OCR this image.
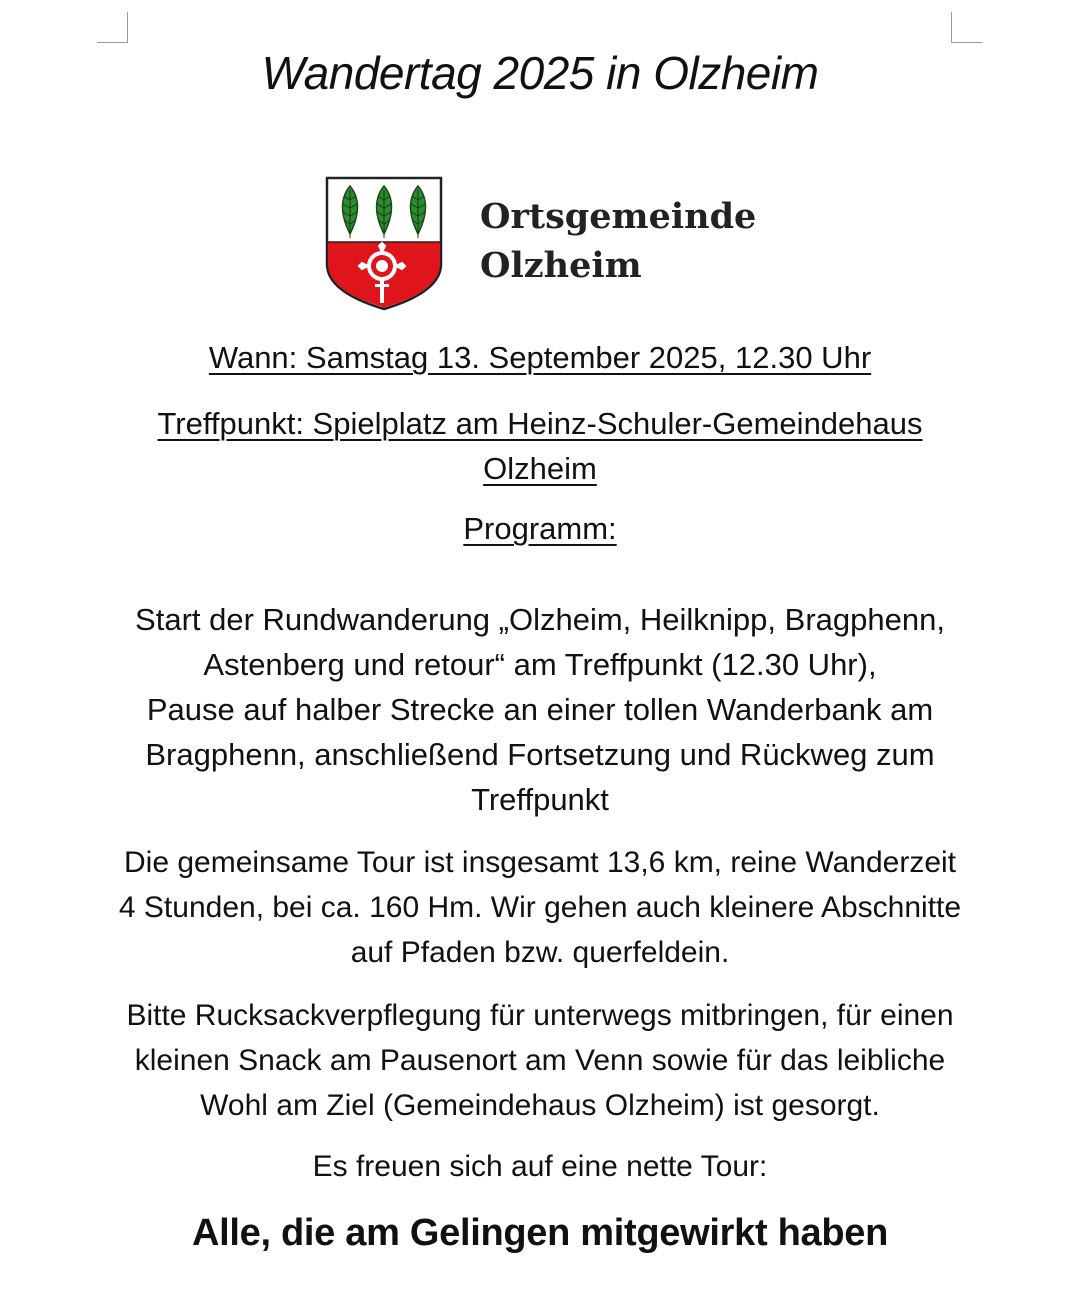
Wandertag 2025 in Olzheim
Ortsgemeinde
Olzheim
Wann: Samstag 13. September 2025, 12.30 Uhr
Treffpunkt: Spielplatz am Heinz-Schuler-Gemeindehaus
Olzheim
Programm:
Start der Rundwanderung „Olzheim, Heilknipp, Bragphenn,
Astenberg und retour“ am Treffpunkt (12.30 Uhr),
Pause auf halber Strecke an einer tollen Wanderbank am
Bragphenn, anschließend Fortsetzung und Rückweg zum
Treffpunkt
Die gemeinsame Tour ist insgesamt 13,6 km, reine Wanderzeit
4 Stunden, bei ca. 160 Hm. Wir gehen auch kleinere Abschnitte
auf Pfaden bzw. querfeldein.
Bitte Rucksackverpflegung für unterwegs mitbringen, für einen
kleinen Snack am Pausenort am Venn sowie für das leibliche
Wohl am Ziel (Gemeindehaus Olzheim) ist gesorgt.
Es freuen sich auf eine nette Tour:
Alle, die am Gelingen mitgewirkt haben
